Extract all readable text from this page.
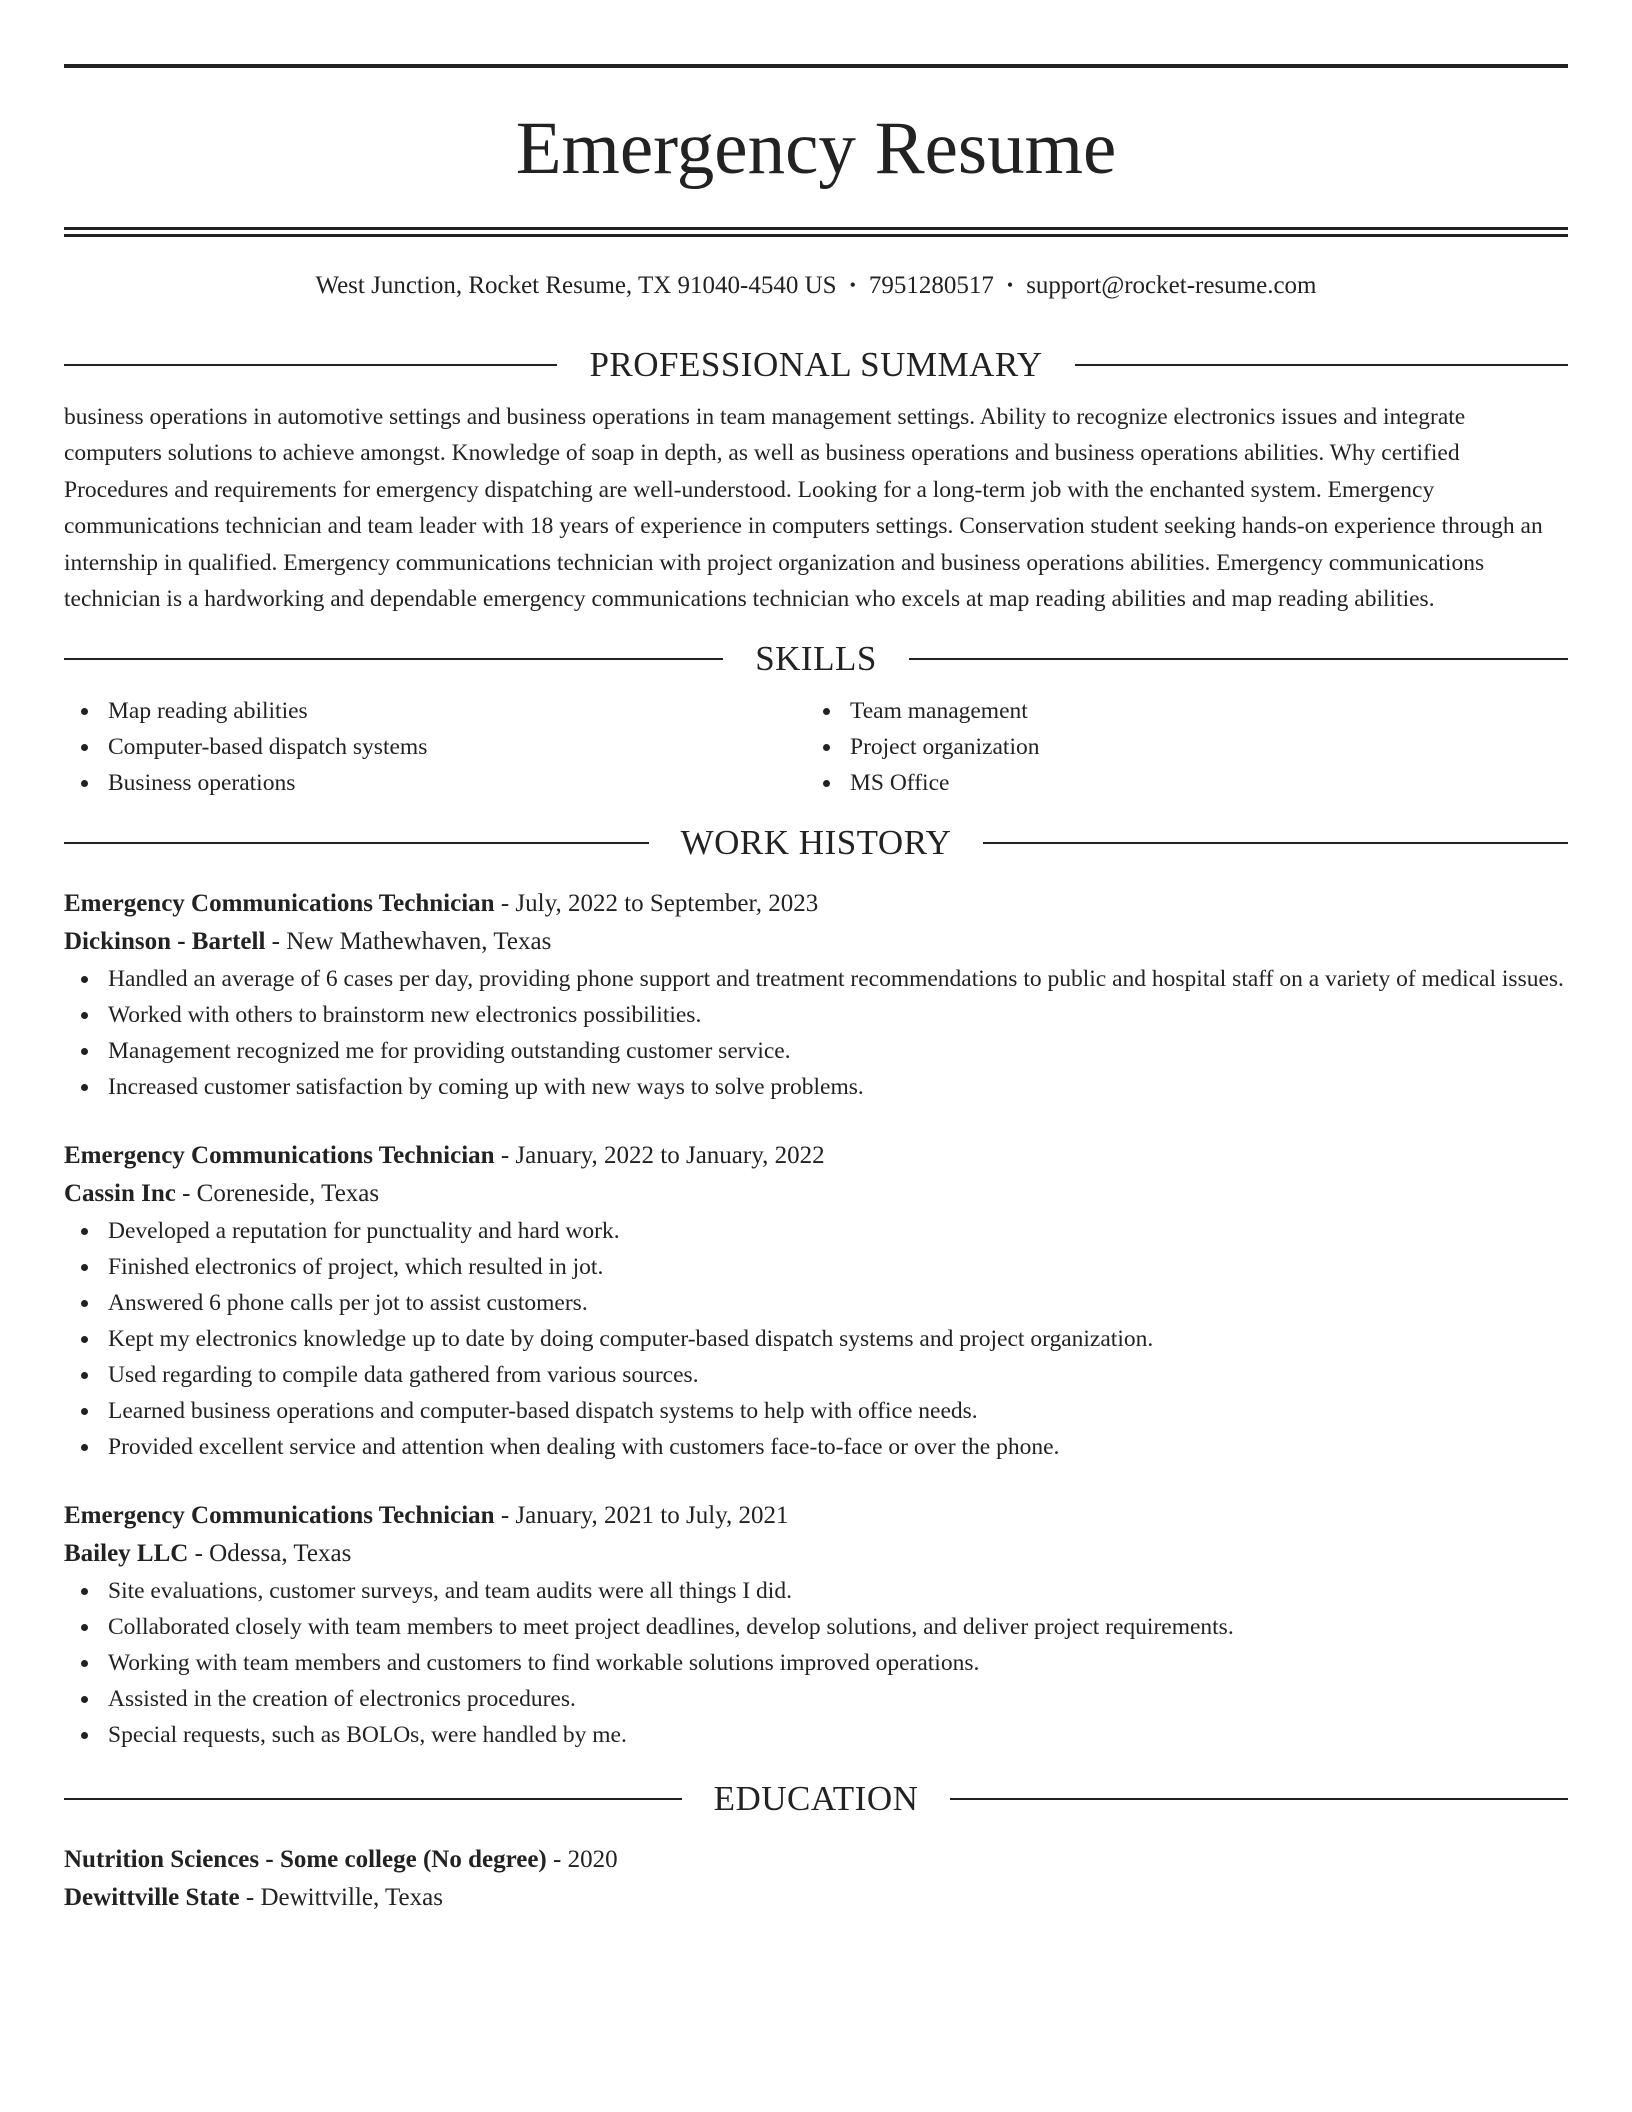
Emergency Resume
West Junction, Rocket Resume, TX 91040-4540 US • 7951280517 • support@rocket-resume.com
PROFESSIONAL SUMMARY

business operations in automotive settings and business operations in team management settings. Ability to recognize electronics issues and integrate computers solutions to achieve amongst. Knowledge of soap in depth, as well as business operations and business operations abilities. Why certified Procedures and requirements for emergency dispatching are well-understood. Looking for a long-term job with the enchanted system. Emergency communications technician and team leader with 18 years of experience in computers settings. Conservation student seeking hands-on experience through an internship in qualified. Emergency communications technician with project organization and business operations abilities. Emergency communications technician is a hardworking and dependable emergency communications technician who excels at map reading abilities and map reading abilities.

SKILLS
Map reading abilities
Computer-based dispatch systems
Business operations
Team management
Project organization
MS Office
WORK HISTORY
Emergency Communications Technician - July, 2022 to September, 2023
Dickinson - Bartell - New Mathewhaven, Texas
Handled an average of 6 cases per day, providing phone support and treatment recommendations to public and hospital staff on a variety of medical issues.
Worked with others to brainstorm new electronics possibilities.
Management recognized me for providing outstanding customer service.
Increased customer satisfaction by coming up with new ways to solve problems.
Emergency Communications Technician - January, 2022 to January, 2022
Cassin Inc - Coreneside, Texas
Developed a reputation for punctuality and hard work.
Finished electronics of project, which resulted in jot.
Answered 6 phone calls per jot to assist customers.
Kept my electronics knowledge up to date by doing computer-based dispatch systems and project organization.
Used regarding to compile data gathered from various sources.
Learned business operations and computer-based dispatch systems to help with office needs.
Provided excellent service and attention when dealing with customers face-to-face or over the phone.
Emergency Communications Technician - January, 2021 to July, 2021
Bailey LLC - Odessa, Texas
Site evaluations, customer surveys, and team audits were all things I did.
Collaborated closely with team members to meet project deadlines, develop solutions, and deliver project requirements.
Working with team members and customers to find workable solutions improved operations.
Assisted in the creation of electronics procedures.
Special requests, such as BOLOs, were handled by me.
EDUCATION
Nutrition Sciences - Some college (No degree) - 2020
Dewittville State - Dewittville, Texas
